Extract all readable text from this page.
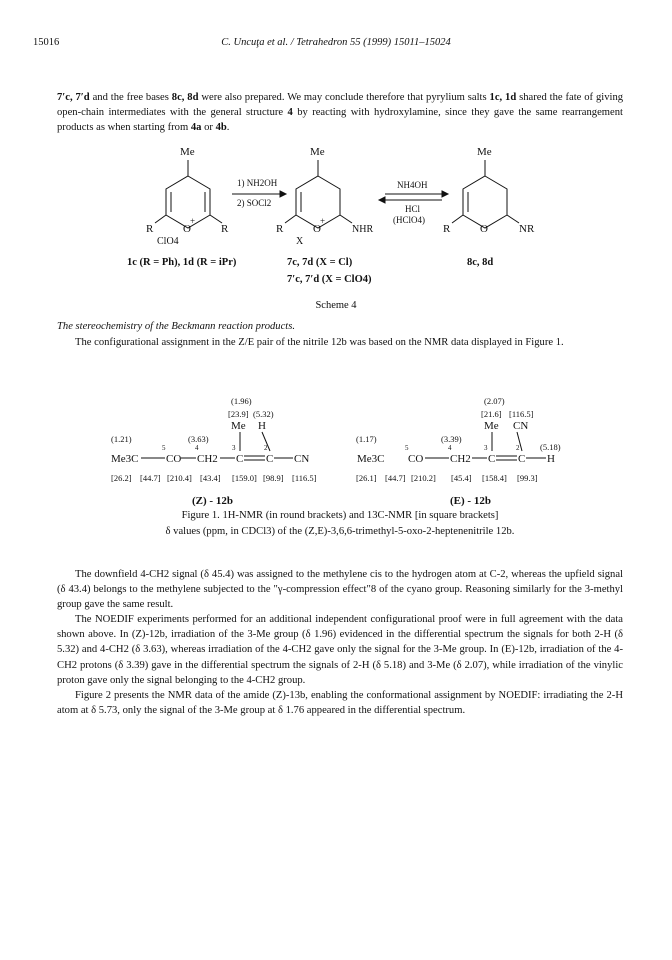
15016	C. Uncuţa et al. / Tetrahedron 55 (1999) 15011–15024

7′c, 7′d and the free bases 8c, 8d were also prepared. We may conclude therefore that pyrylium salts 1c, 1d shared the fate of giving open-chain intermediates with the general structure 4 by reacting with hydroxylamine, since they gave the same rearrangement products as when starting from 4a or 4b.

Me
R	R
O
+
ClO4
1) NH2OH
2) SOCl2
Me
R	O
+
NHR
X
NH4OH
HCl
(HClO4)
Me
R	O	NR
1c (R = Ph), 1d (R = iPr)	7c, 7d (X = Cl)
7′c, 7′d (X = ClO4)
8c, 8d
Scheme 4

The stereochemistry of the Beckmann reaction products.

The configurational assignment in the Z/E pair of the nitrile 12b was based on the NMR data displayed in Figure 1.

(1.96)
[23.9] (5.32)
Me H
(1.21)	(3.63)
5	4	3	2
Me3C	CO CH2 C C CN
[26.2] [44.7] [210.4] [43.4] [159.0] [98.9] [116.5]
(Z) - 12b
(2.07)
[21.6] [116.5]
Me CN
(1.17)	(3.39)
(5.18)
5	4	3	2
Me3C CO CH2 C C H
[26.1] [44.7] [210.2] [45.4] [158.4] [99.3]
(E) - 12b
Figure 1. 1H-NMR (in round brackets) and 13C-NMR [in square brackets]
δ values (ppm, in CDCl3) of the (Z,E)-3,6,6-trimethyl-5-oxo-2-heptenenitrile 12b.

The downfield 4-CH2 signal (δ 45.4) was assigned to the methylene cis to the hydrogen atom at C-2, whereas the upfield signal (δ 43.4) belongs to the methylene subjected to the "γ-compression effect"8 of the cyano group. Reasoning similarly for the 3-methyl group gave the same result.

The NOEDIF experiments performed for an additional independent configurational proof were in full agreement with the data shown above. In (Z)-12b, irradiation of the 3-Me group (δ 1.96) evidenced in the differential spectrum the signals for both 2-H (δ 5.32) and 4-CH2 (δ 3.63), whereas irradiation of the 4-CH2 gave only the signal for the 3-Me group. In (E)-12b, irradiation of the 4-CH2 protons (δ 3.39) gave in the differential spectrum the signals of 2-H (δ 5.18) and 3-Me (δ 2.07), while irradiation of the vinylic proton gave only the signal belonging to the 4-CH2 group.

Figure 2 presents the NMR data of the amide (Z)-13b, enabling the conformational assignment by NOEDIF: irradiating the 2-H atom at δ 5.73, only the signal of the 3-Me group at δ 1.76 appeared in the differential spectrum.
